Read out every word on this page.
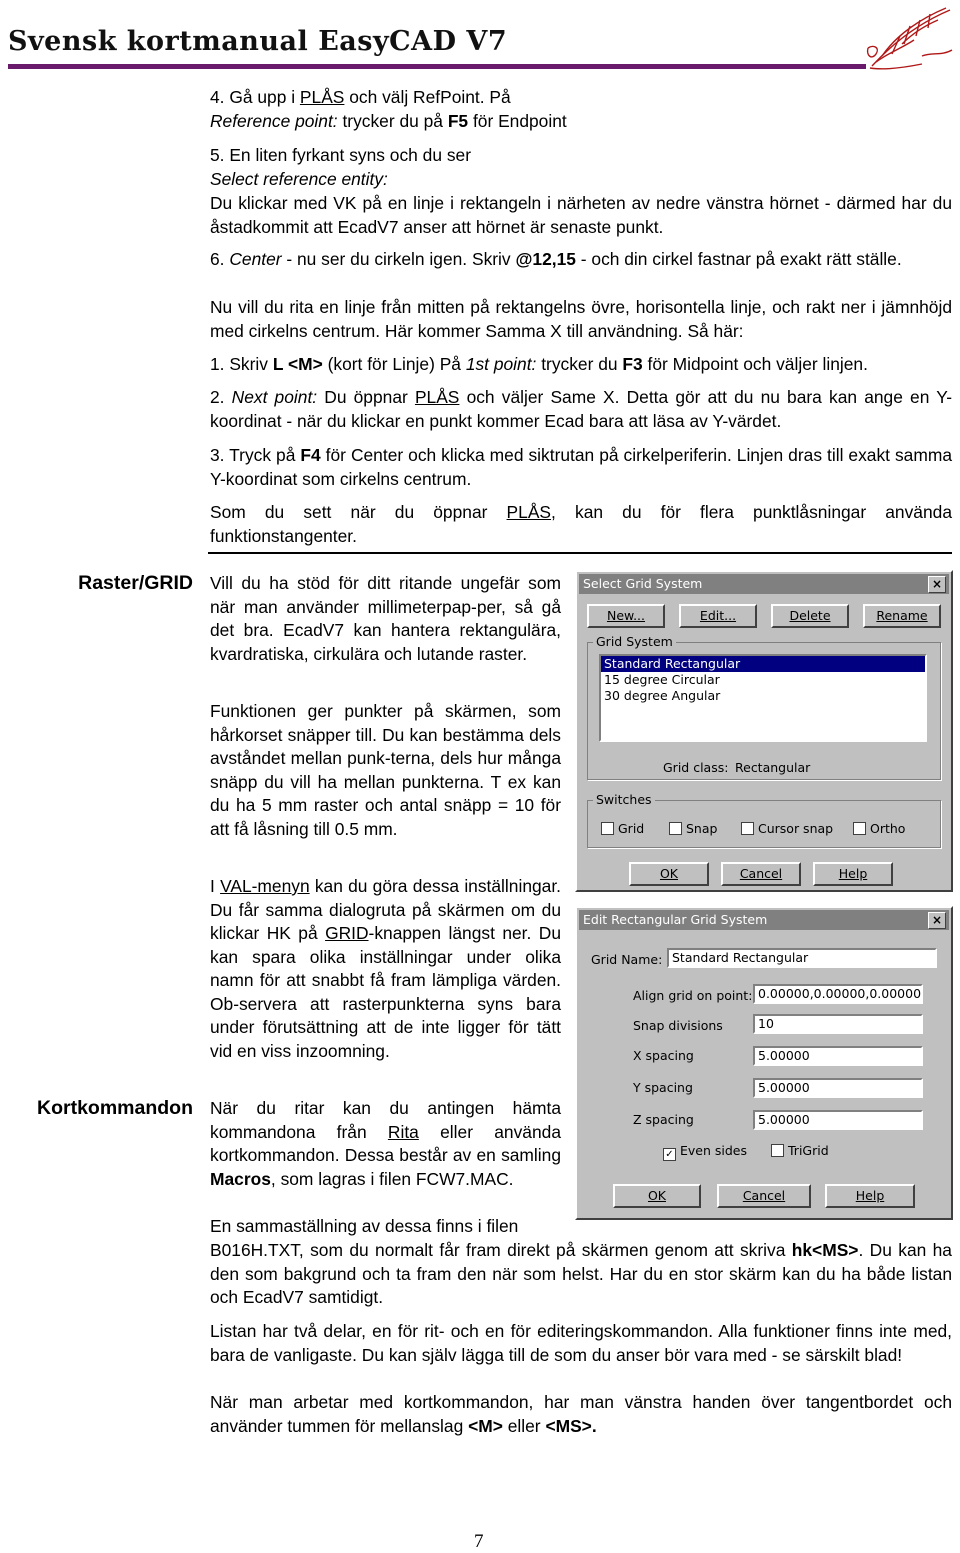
Svensk kortmanual EasyCAD V7

4. Gå upp i PLÅS och välj RefPoint. På

Reference point: trycker du på F5 för Endpoint

5. En liten fyrkant syns och du ser

Select reference entity:

Du klickar med VK på en linje i rektangeln i närheten av nedre vänstra hörnet - därmed har du åstadkommit att EcadV7 anser att hörnet är senaste punkt.

6. Center - nu ser du cirkeln igen. Skriv @12,15 - och din cirkel fastnar på exakt rätt ställe.

Nu vill du rita en linje från mitten på rektangelns övre, horisontella linje, och rakt ner i jämnhöjd med cirkelns centrum. Här kommer Samma X till användning. Så här:

1. Skriv L <M> (kort för Linje) På 1st point: trycker du F3 för Midpoint och väljer linjen.

2. Next point: Du öppnar PLÅS och väljer Same X. Detta gör att du nu bara kan ange en Y-koordinat - när du klickar en punkt kommer Ecad bara att läsa av Y-värdet.

3. Tryck på F4 för Center och klicka med siktrutan på cirkelperiferin. Linjen dras till exakt samma Y-koordinat som cirkelns centrum.

Som du sett när du öppnar PLÅS, kan du för flera punktlåsningar använda funktionstangenter.

Raster/GRID
Kortkommandon

Vill du ha stöd för ditt ritande ungefär som när man använder millimeterpap-per, så gå det bra. EcadV7 kan hantera rektangulära, kvardratiska, cirkulära och lutande raster.

Funktionen ger punkter på skärmen, som hårkorset snäpper till. Du kan bestämma dels avståndet mellan punk-terna, dels hur många snäpp du vill ha mellan punkterna. T ex kan du ha 5 mm raster och antal snäpp = 10 för att få låsning till 0.5 mm.

I VAL-menyn kan du göra dessa inställningar. Du får samma dialogruta på skärmen om du klickar HK på GRID-knappen längst ner. Du kan spara olika inställningar under olika namn för att snabbt få fram lämpliga värden. Ob-servera att rasterpunkterna syns bara under förutsättning att de inte ligger för tätt vid en viss inzoomning.

När du ritar kan du antingen hämta kommandona från Rita eller använda kortkommandon. Dessa består av en samling Macros, som lagras i filen FCW7.MAC.

En sammaställning av dessa finns i filen

B016H.TXT, som du normalt får fram direkt på skärmen genom att skriva hk<MS>. Du kan ha den som bakgrund och ta fram den när som helst. Har du en stor skärm kan du ha både listan och EcadV7 samtidigt.

Listan har två delar, en för rit- och en för editeringskommandon. Alla funktioner finns inte med, bara de vanligaste. Du kan själv lägga till de som du anser bör vara med - se särskilt blad!

När man arbetar med kortkommandon, har man vänstra handen över tangentbordet och använder tummen för mellanslag <M> eller <MS>.

Select Grid System	×
New...	Edit...	Delete	Rename
Grid System
Standard Rectangular
15 degree Circular
30 degree Angular
Grid class: Rectangular
Switches
Grid	Snap	Cursor snap	Ortho
OK	Cancel	Help
Edit Rectangular Grid System	×
Grid Name: Standard Rectangular
Align grid on point: 0.00000,0.00000,0.00000
Snap divisions	10
X spacing	5.00000
Y spacing	5.00000
Z spacing	5.00000
✓ Even sides	TriGrid
OK	Cancel	Help
7
